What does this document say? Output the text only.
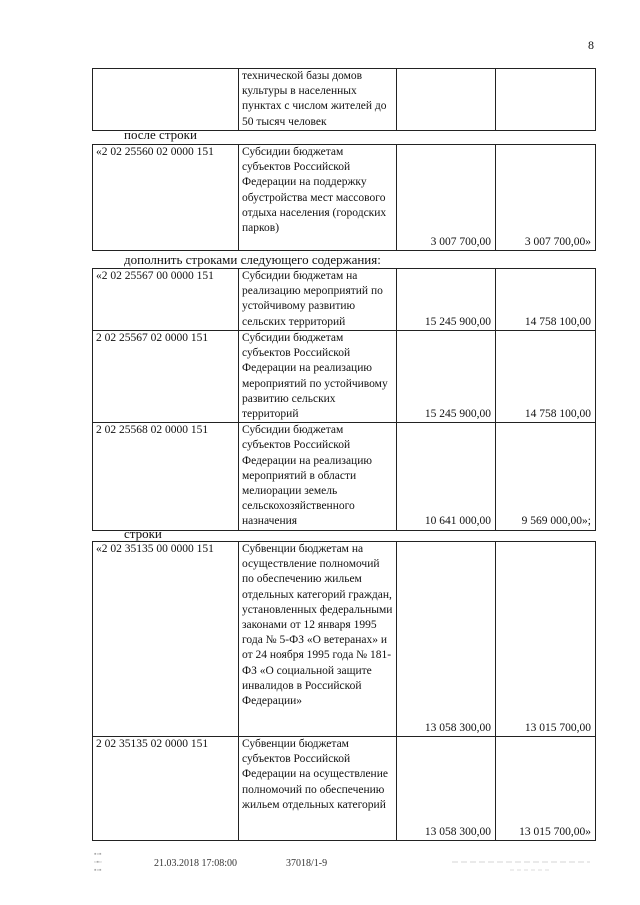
8
	технической базы домов культуры в населенных пунктах с числом жителей до 50 тысяч человек		
после строки
«2 02 25560 02 0000 151	Субсидии бюджетам субъектов Российской Федерации на поддержку обустройства мест массового отдыха населения (городских парков)	3 007 700,00	3 007 700,00»
дополнить строками следующего содержания:
«2 02 25567 00 0000 151	Субсидии бюджетам на реализацию мероприятий по устойчивому развитию сельских территорий	15 245 900,00	14 758 100,00
2 02 25567 02 0000 151	Субсидии бюджетам субъектов Российской Федерации на реализацию мероприятий по устойчивому развитию сельских территорий	15 245 900,00	14 758 100,00
2 02 25568 02 0000 151	Субсидии бюджетам субъектов Российской Федерации на реализацию мероприятий в области мелиорации земель сельскохозяйственного назначения	10 641 000,00	9 569 000,00»;
строки
«2 02 35135 00 0000 151	Субвенции бюджетам на осуществление полномочий по обеспечению жильем отдельных категорий граждан, установленных федеральными законами от 12 января 1995 года № 5-ФЗ «О ветеранах» и от 24 ноября 1995 года № 181-ФЗ «О социальной защите инвалидов в Российской Федерации»	13 058 300,00	13 015 700,00
2 02 35135 02 0000 151	Субвенции бюджетам субъектов Российской Федерации на осуществление полномочий по обеспечению жильем отдельных категорий	13 058 300,00	13 015 700,00»
▪▫▪
▫▪▫
▪▫▪
21.03.2018 17:08:00	37018/1-9
